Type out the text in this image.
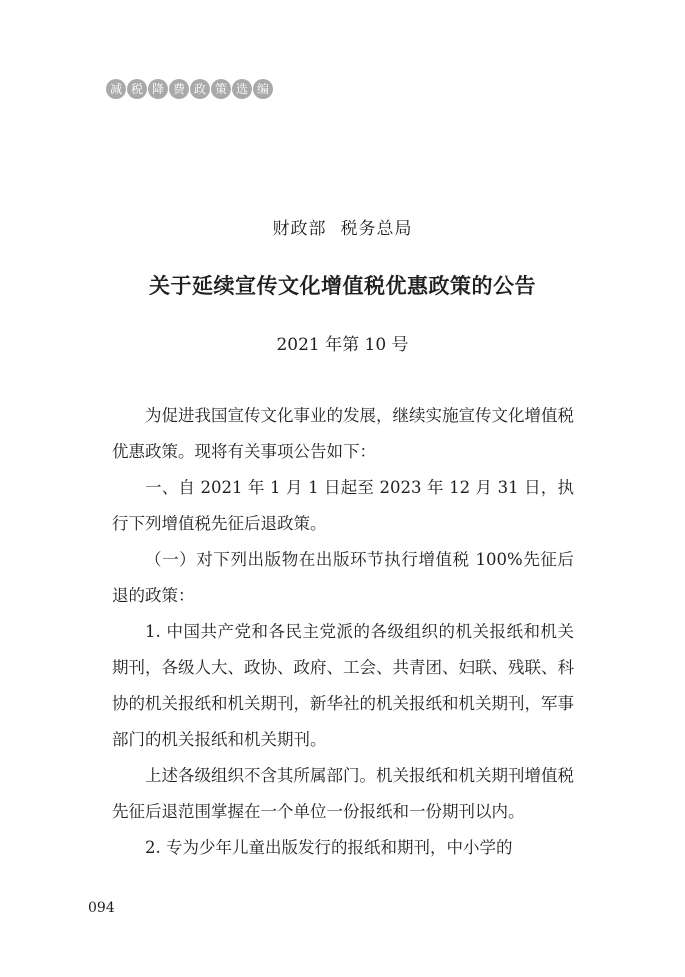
减 税 降 费 政 策 选 编
财政部 税务总局
关于延续宣传文化增值税优惠政策的公告
2021 年第 10 号

为促进我国宣传文化事业的发展，继续实施宣传文化增值税优惠政策。现将有关事项公告如下：

一、自 2021 年 1 月 1 日起至 2023 年 12 月 31 日，执行下列增值税先征后退政策。

（一）对下列出版物在出版环节执行增值税 100%先征后退的政策：

1. 中国共产党和各民主党派的各级组织的机关报纸和机关期刊，各级人大、政协、政府、工会、共青团、妇联、残联、科协的机关报纸和机关期刊，新华社的机关报纸和机关期刊，军事部门的机关报纸和机关期刊。

上述各级组织不含其所属部门。机关报纸和机关期刊增值税先征后退范围掌握在一个单位一份报纸和一份期刊以内。

2. 专为少年儿童出版发行的报纸和期刊，中小学的

094
